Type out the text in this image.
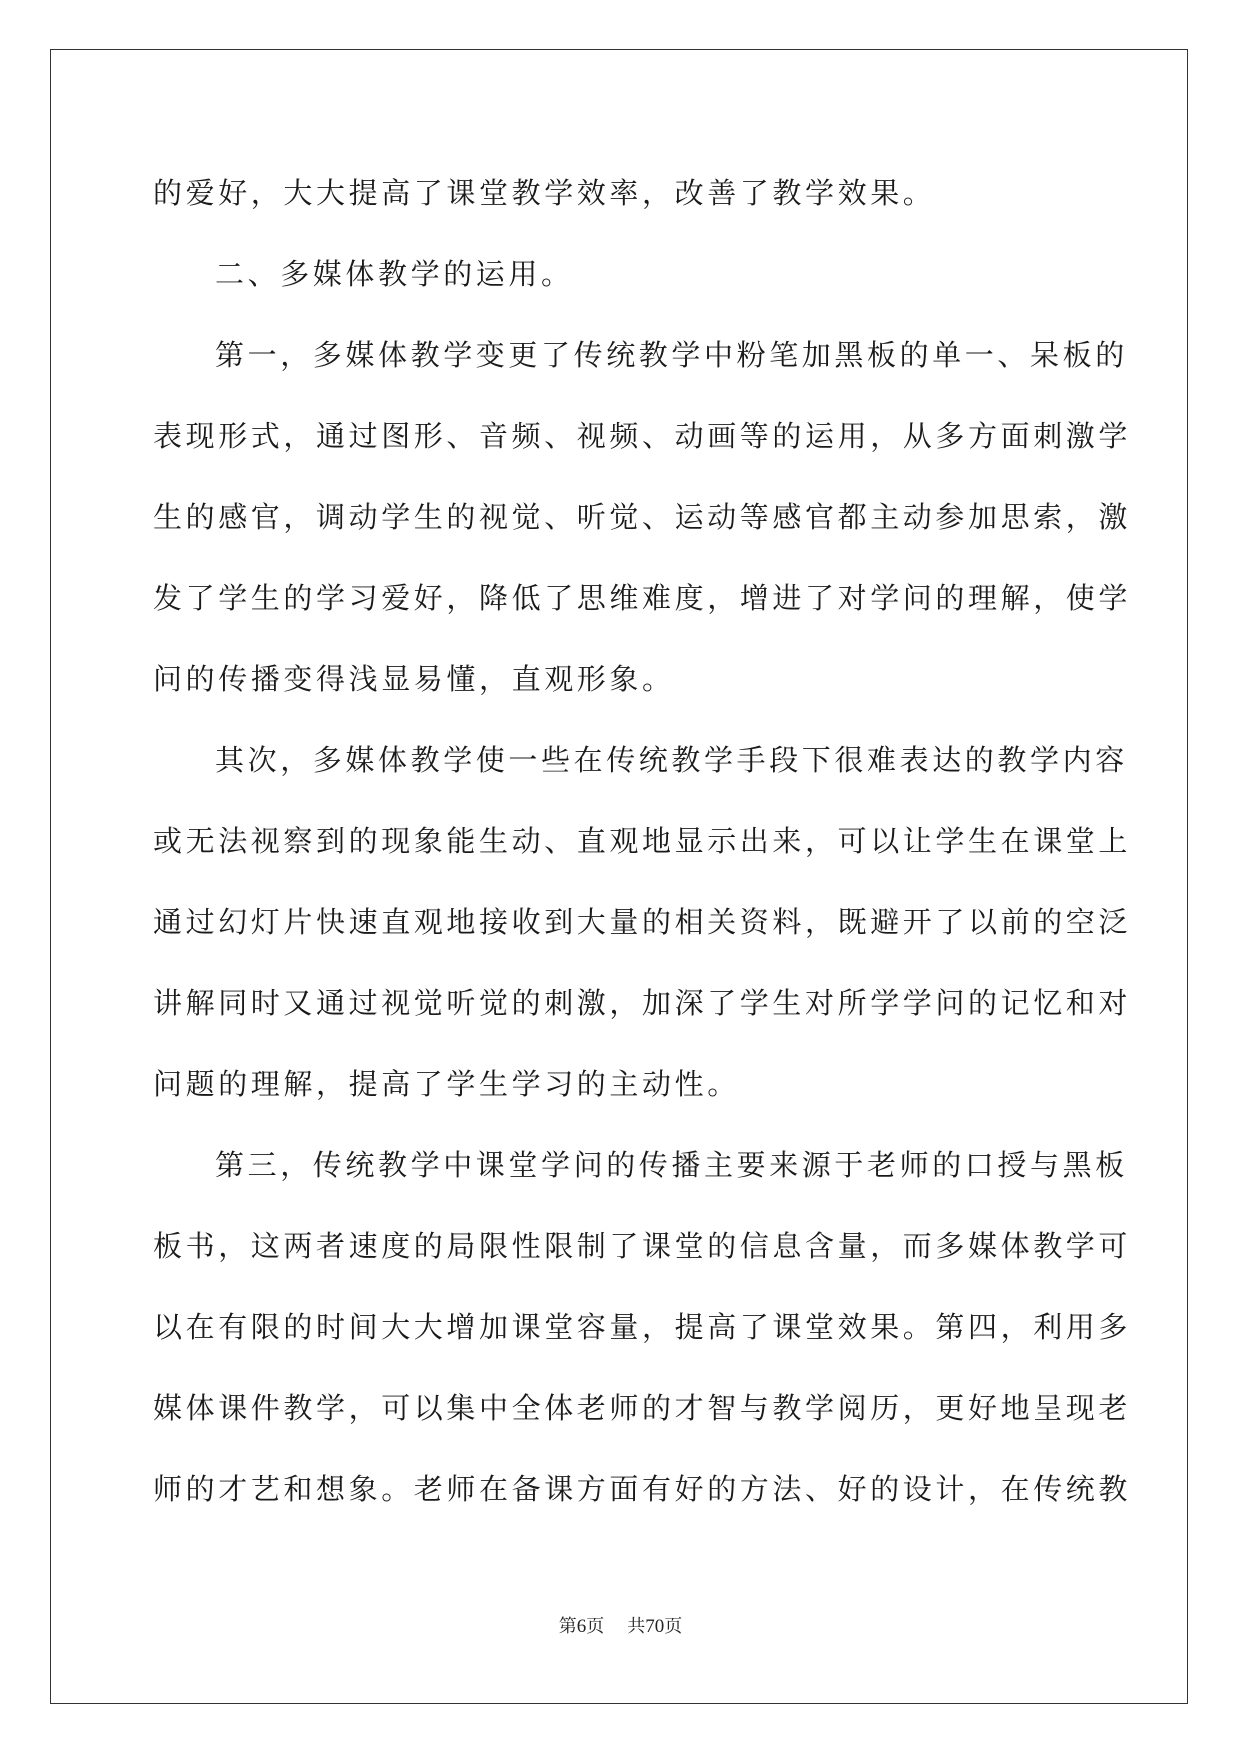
的爱好，大大提高了课堂教学效率，改善了教学效果。
二、多媒体教学的运用。
第一，多媒体教学变更了传统教学中粉笔加黑板的单一、呆板的
表现形式，通过图形、音频、视频、动画等的运用，从多方面刺激学
生的感官，调动学生的视觉、听觉、运动等感官都主动参加思索，激
发了学生的学习爱好，降低了思维难度，增进了对学问的理解，使学
问的传播变得浅显易懂，直观形象。
其次，多媒体教学使一些在传统教学手段下很难表达的教学内容
或无法视察到的现象能生动、直观地显示出来，可以让学生在课堂上
通过幻灯片快速直观地接收到大量的相关资料，既避开了以前的空泛
讲解同时又通过视觉听觉的刺激，加深了学生对所学学问的记忆和对
问题的理解，提高了学生学习的主动性。
第三，传统教学中课堂学问的传播主要来源于老师的口授与黑板
板书，这两者速度的局限性限制了课堂的信息含量，而多媒体教学可
以在有限的时间大大增加课堂容量，提高了课堂效果。第四，利用多
媒体课件教学，可以集中全体老师的才智与教学阅历，更好地呈现老
师的才艺和想象。老师在备课方面有好的方法、好的设计，在传统教
第6页 共70页
